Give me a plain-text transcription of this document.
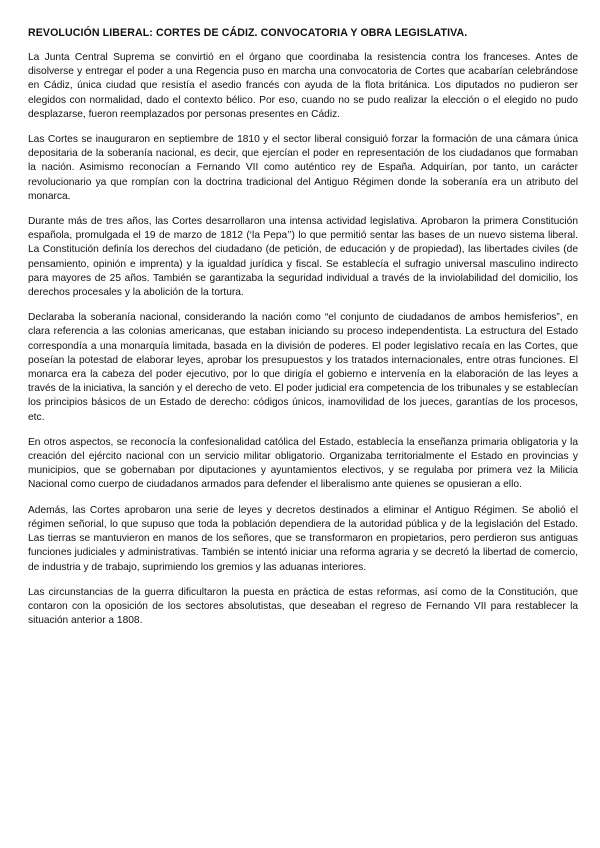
REVOLUCIÓN LIBERAL: CORTES DE CÁDIZ. CONVOCATORIA Y OBRA LEGISLATIVA.

La Junta Central Suprema se convirtió en el órgano que coordinaba la resistencia contra los franceses. Antes de disolverse y entregar el poder a una Regencia puso en marcha una convocatoria de Cortes que acabarían celebrándose en Cádiz, única ciudad que resistía el asedio francés con ayuda de la flota británica. Los diputados no pudieron ser elegidos con normalidad, dado el contexto bélico. Por eso, cuando no se pudo realizar la elección o el elegido no pudo desplazarse, fueron reemplazados por personas presentes en Cádiz.

Las Cortes se inauguraron en septiembre de 1810 y el sector liberal consiguió forzar la formación de una cámara única depositaria de la soberanía nacional, es decir, que ejercían el poder en representación de los ciudadanos que formaban la nación. Asimismo reconocían a Fernando VII como auténtico rey de España. Adquirían, por tanto, un carácter revolucionario ya que rompían con la doctrina tradicional del Antiguo Régimen donde la soberanía era un atributo del monarca.

Durante más de tres años, las Cortes desarrollaron una intensa actividad legislativa. Aprobaron la primera Constitución española, promulgada el 19 de marzo de 1812 (‘la Pepa’’) lo que permitió sentar las bases de un nuevo sistema liberal. La Constitución definía los derechos del ciudadano (de petición, de educación y de propiedad), las libertades civiles (de pensamiento, opinión e imprenta) y la igualdad jurídica y fiscal. Se establecía el sufragio universal masculino indirecto para mayores de 25 años. También se garantizaba la seguridad individual a través de la inviolabilidad del domicilio, los derechos procesales y la abolición de la tortura.

Declaraba la soberanía nacional, considerando la nación como “el conjunto de ciudadanos de ambos hemisferios”, en clara referencia a las colonias americanas, que estaban iniciando su proceso independentista. La estructura del Estado correspondía a una monarquía limitada, basada en la división de poderes. El poder legislativo recaía en las Cortes, que poseían la potestad de elaborar leyes, aprobar los presupuestos y los tratados internacionales, entre otras funciones. El monarca era la cabeza del poder ejecutivo, por lo que dirigía el gobierno e intervenía en la elaboración de las leyes a través de la iniciativa, la sanción y el derecho de veto. El poder judicial era competencia de los tribunales y se establecían los principios básicos de un Estado de derecho: códigos únicos, inamovilidad de los jueces, garantías de los procesos, etc.

En otros aspectos, se reconocía la confesionalidad católica del Estado, establecía la enseñanza primaria obligatoria y la creación del ejército nacional con un servicio militar obligatorio. Organizaba territorialmente el Estado en provincias y municipios, que se gobernaban por diputaciones y ayuntamientos electivos, y se regulaba por primera vez la Milicia Nacional como cuerpo de ciudadanos armados para defender el liberalismo ante quienes se opusieran a ello.

Además, las Cortes aprobaron una serie de leyes y decretos destinados a eliminar el Antiguo Régimen. Se abolió el régimen señorial, lo que supuso que toda la población dependiera de la autoridad pública y de la legislación del Estado. Las tierras se mantuvieron en manos de los señores, que se transformaron en propietarios, pero perdieron sus antiguas funciones judiciales y administrativas. También se intentó iniciar una reforma agraria y se decretó la libertad de comercio, de industria y de trabajo, suprimiendo los gremios y las aduanas interiores.

Las circunstancias de la guerra dificultaron la puesta en práctica de estas reformas, así como de la Constitución, que contaron con la oposición de los sectores absolutistas, que deseaban el regreso de Fernando VII para restablecer la situación anterior a 1808.
